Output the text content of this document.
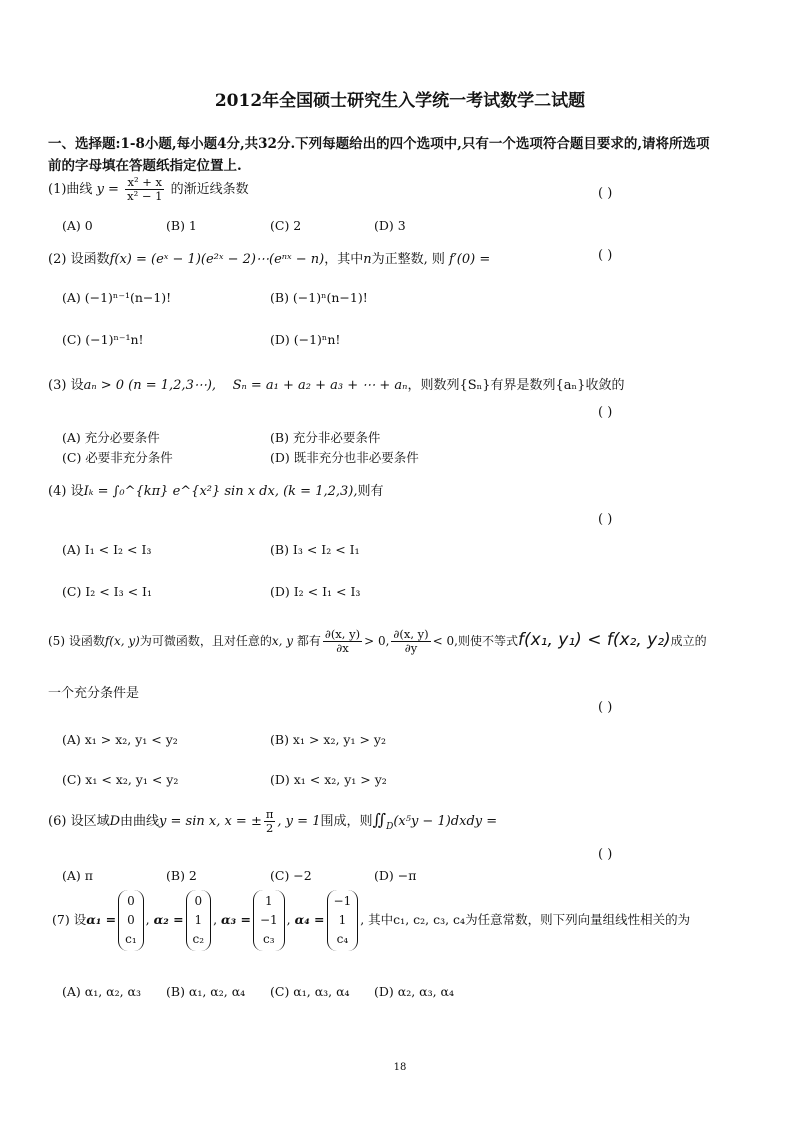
2012年全国硕士研究生入学统一考试数学二试题
一、选择题:1-8小题,每小题4分,共32分.下列每题给出的四个选项中,只有一个选项符合题目要求的,请将所选项
前的字母填在答题纸指定位置上.
(1)曲线 $y = \frac{\text{x² + x}}{\text{x² − 1}}$ 的渐近线条数	( )
(A) 0	(B) 1	(C) 2	(D) 3
(2) 设函数f(x) = (eˣ − 1)(e²ˣ − 2)⋯(eⁿˣ − n)，其中n为正整数, 则 f′(0) =	( )
(A) (−1)ⁿ⁻¹(n−1)!	(B) (−1)ⁿ(n−1)!
(C) (−1)ⁿ⁻¹n!	(D) (−1)ⁿn!
(3) 设aₙ > 0 (n = 1,2,3⋯), Sₙ = a₁ + a₂ + a₃ + ⋯ + aₙ，则数列{Sₙ}有界是数列{aₙ}收敛的
( )
(A) 充分必要条件	(B) 充分非必要条件
(C) 必要非充分条件	(D) 既非充分也非必要条件
(4) 设Iₖ = ∫₀^{kπ} e^{x²} sin x dx, (k = 1,2,3),则有
( )
(A) I₁ < I₂ < I₃	(B) I₃ < I₂ < I₁
(C) I₂ < I₃ < I₁	(D) I₂ < I₁ < I₃
(5) 设函数f(x, y)为可微函数，且对任意的x, y 都有 $\frac{\partial(x, y)}{\partial x} > 0$, $\frac{\partial(x, y)}{\partial y} < 0$,则使不等式f(x₁, y₁) < f(x₂, y₂)成立的
一个充分条件是
( )
(A) x₁ > x₂, y₁ < y₂	(B) x₁ > x₂, y₁ > y₂
(C) x₁ < x₂, y₁ < y₂	(D) x₁ < x₂, y₁ > y₂
(6) 设区域D由曲线y = sin x, x = ± $\frac{\pi}{2}$ , y = 1围成，则$∬_D(x^5y$ − 1)dxdy =
( )
(A) π	(B) 2	(C) −2	(D) −π
(7) 设α₁ =
0
0
c₁
, α₂ =
0
1
c₂
, α₃ =
1
−1
c₃
, α₄ =
−1
1
c₄
, 其中c₁, c₂, c₃, c₄为任意常数，则下列向量组线性相关的为
(A) α₁, α₂, α₃ (B) α₁, α₂, α₄ (C) α₁, α₃, α₄ (D) α₂, α₃, α₄
18
